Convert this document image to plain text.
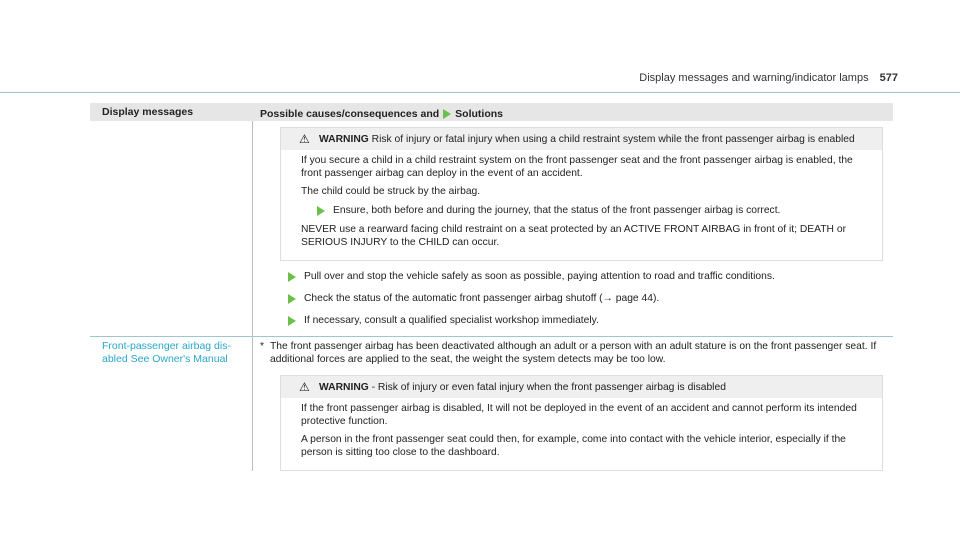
Display messages and warning/indicator lamps 577
Display messages	Possible causes/consequences and Solutions
⚠ WARNING Risk of injury or fatal injury when using a child restraint system while the front passenger airbag is enabled

If you secure a child in a child restraint system on the front passenger seat and the front passenger airbag is enabled, the front passenger airbag can deploy in the event of an accident.

The child could be struck by the airbag.

Ensure, both before and during the journey, that the status of the front passenger airbag is correct.

NEVER use a rearward facing child restraint on a seat protected by an ACTIVE FRONT AIRBAG in front of it; DEATH or SERIOUS INJURY to the CHILD can occur.

Pull over and stop the vehicle safely as soon as possible, paying attention to road and traffic conditions.
Check the status of the automatic front passenger airbag shutoff (→ page 44).
If necessary, consult a qualified specialist workshop immediately.
Front-passenger airbag dis-
abled See Owner's Manual
* The front passenger airbag has been deactivated although an adult or a person with an adult stature is on the front passenger seat. If additional forces are applied to the seat, the weight the system detects may be too low.
⚠ WARNING - Risk of injury or even fatal injury when the front passenger airbag is disabled

If the front passenger airbag is disabled, It will not be deployed in the event of an accident and cannot perform its intended protective function.

A person in the front passenger seat could then, for example, come into contact with the vehicle interior, especially if the person is sitting too close to the dashboard.
